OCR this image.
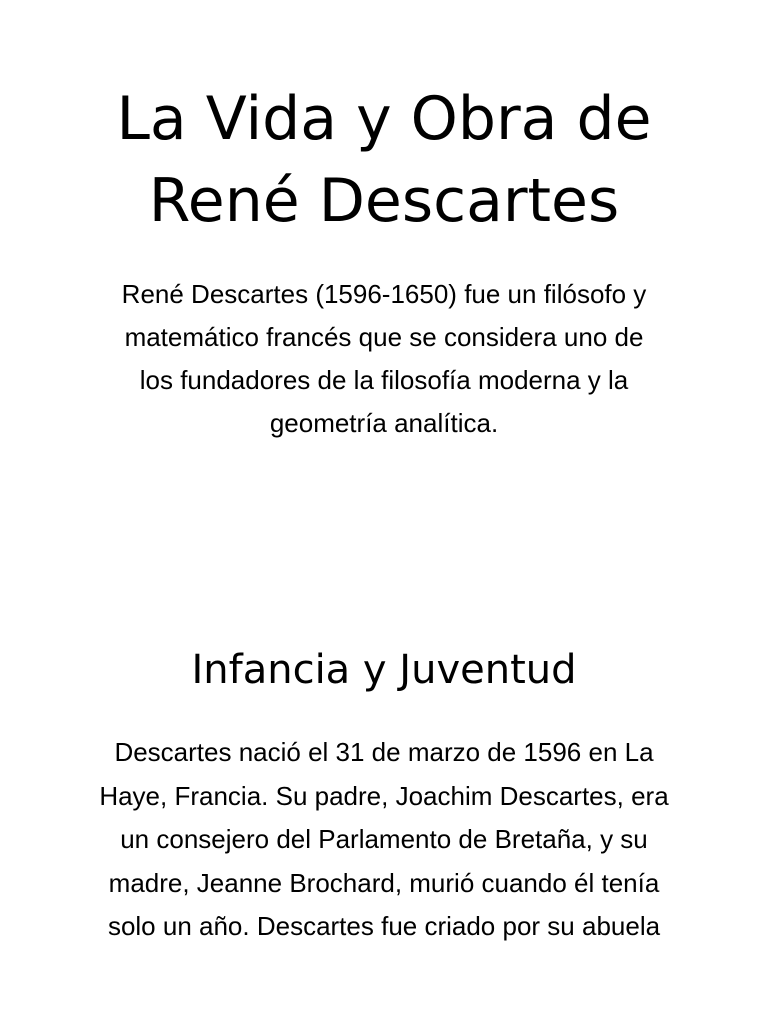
La Vida y Obra de
René Descartes

René Descartes (1596-1650) fue un filósofo y
matemático francés que se considera uno de
los fundadores de la filosofía moderna y la
geometría analítica.

Infancia y Juventud

Descartes nació el 31 de marzo de 1596 en La
Haye, Francia. Su padre, Joachim Descartes, era
un consejero del Parlamento de Bretaña, y su
madre, Jeanne Brochard, murió cuando él tenía
solo un año. Descartes fue criado por su abuela
